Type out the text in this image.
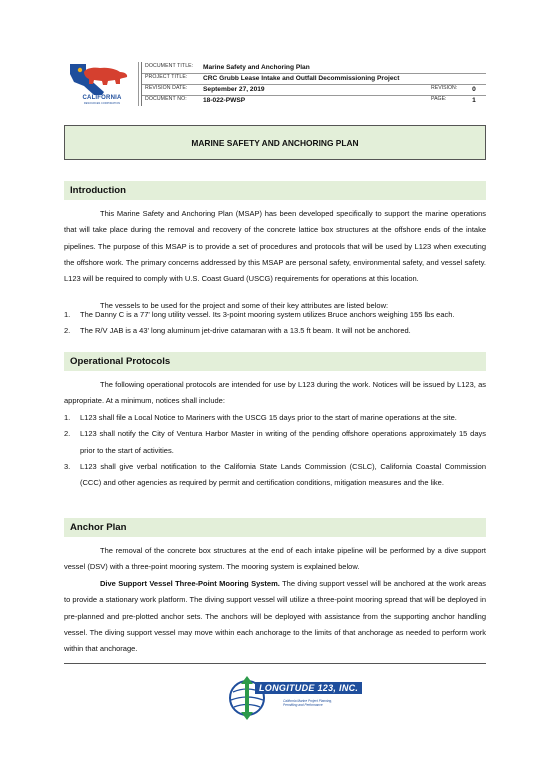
CALIFORNIA
RESOURCES CORPORATION
DOCUMENT TITLE: Marine Safety and Anchoring Plan
PROJECT TITLE: CRC Grubb Lease Intake and Outfall Decommissioning Project
REVISION DATE: September 27, 2019	REVISION:	0
DOCUMENT NO: 18-022-PWSP	PAGE:	1
MARINE SAFETY AND ANCHORING PLAN
Introduction
This Marine Safety and Anchoring Plan (MSAP) has been developed specifically to support the marine operations that will take place during the removal and recovery of the concrete lattice box structures at the offshore ends of the intake pipelines. The purpose of this MSAP is to provide a set of procedures and protocols that will be used by L123 when executing the offshore work. The primary concerns addressed by this MSAP are personal safety, environmental safety, and vessel safety. L123 will be required to comply with U.S. Coast Guard (USCG) requirements for operations at this location.
The vessels to be used for the project and some of their key attributes are listed below:
1. The Danny C is a 77' long utility vessel. Its 3-point mooring system utilizes Bruce anchors weighing 155 lbs each.
2. The R/V JAB is a 43' long aluminum jet-drive catamaran with a 13.5 ft beam. It will not be anchored.
Operational Protocols
The following operational protocols are intended for use by L123 during the work. Notices will be issued by L123, as appropriate. At a minimum, notices shall include:
1. L123 shall file a Local Notice to Mariners with the USCG 15 days prior to the start of marine operations at the site.
2. L123 shall notify the City of Ventura Harbor Master in writing of the pending offshore operations approximately 15 days prior to the start of activities.
3. L123 shall give verbal notification to the California State Lands Commission (CSLC), California Coastal Commission (CCC) and other agencies as required by permit and certification conditions, mitigation measures and the like.
Anchor Plan
The removal of the concrete box structures at the end of each intake pipeline will be performed by a dive support vessel (DSV) with a three-point mooring system. The mooring system is explained below.
Dive Support Vessel Three-Point Mooring System. The diving support vessel will be anchored at the work areas to provide a stationary work platform. The diving support vessel will utilize a three-point mooring spread that will be deployed in pre-planned and pre-plotted anchor sets. The anchors will be deployed with assistance from the supporting anchor handling vessel. The diving support vessel may move within each anchorage to the limits of that anchorage as needed to perform work within that anchorage.
LONGITUDE 123, INC.
California Marine Project Planning, Permitting and Performance
